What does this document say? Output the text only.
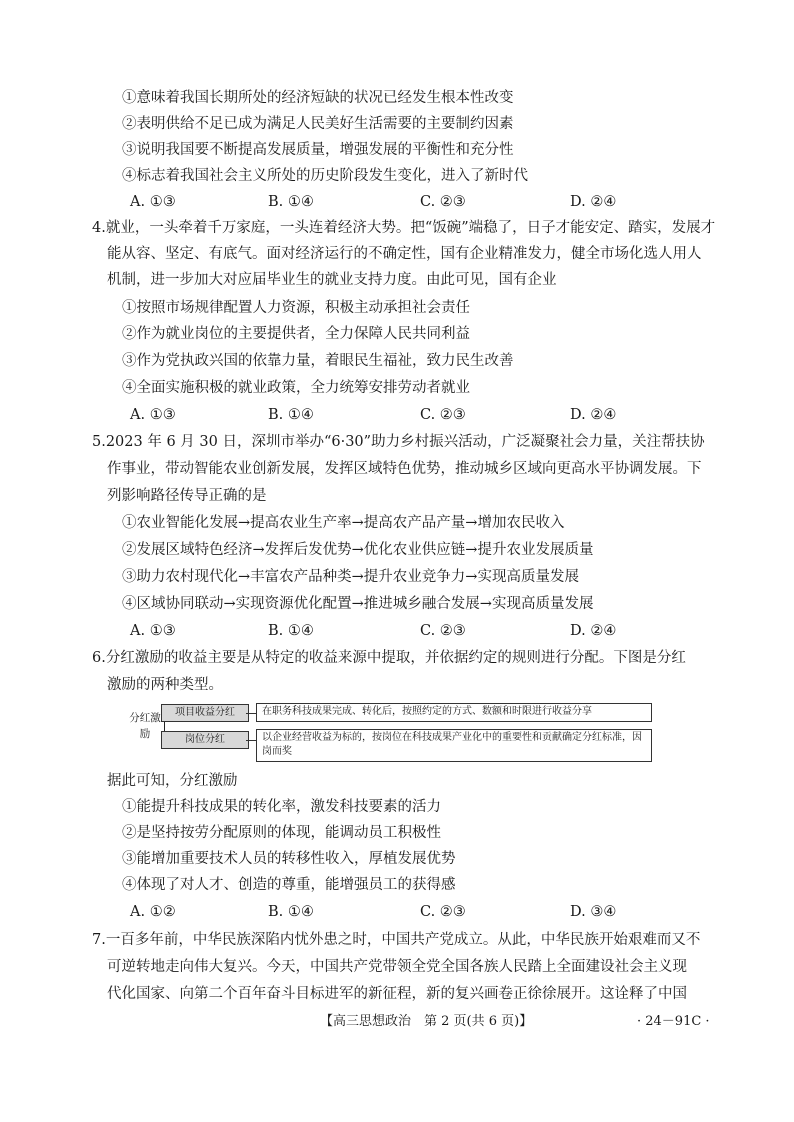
①意味着我国长期所处的经济短缺的状况已经发生根本性改变
②表明供给不足已成为满足人民美好生活需要的主要制约因素
③说明我国要不断提高发展质量，增强发展的平衡性和充分性
④标志着我国社会主义所处的历史阶段发生变化，进入了新时代
A. ①③	B. ①④	C. ②③	D. ②④
4.就业，一头牵着千万家庭，一头连着经济大势。把“饭碗”端稳了，日子才能安定、踏实，发展才
能从容、坚定、有底气。面对经济运行的不确定性，国有企业精准发力，健全市场化选人用人
机制，进一步加大对应届毕业生的就业支持力度。由此可见，国有企业
①按照市场规律配置人力资源，积极主动承担社会责任
②作为就业岗位的主要提供者，全力保障人民共同利益
③作为党执政兴国的依靠力量，着眼民生福祉，致力民生改善
④全面实施积极的就业政策，全力统筹安排劳动者就业
A. ①③	B. ①④	C. ②③	D. ②④
5.2023 年 6 月 30 日，深圳市举办“6·30”助力乡村振兴活动，广泛凝聚社会力量，关注帮扶协
作事业，带动智能农业创新发展，发挥区域特色优势，推动城乡区域向更高水平协调发展。下
列影响路径传导正确的是
①农业智能化发展→提高农业生产率→提高农产品产量→增加农民收入
②发展区域特色经济→发挥后发优势→优化农业供应链→提升农业发展质量
③助力农村现代化→丰富农产品种类→提升农业竞争力→实现高质量发展
④区域协同联动→实现资源优化配置→推进城乡融合发展→实现高质量发展
A. ①③	B. ①④	C. ②③	D. ②④
6.分红激励的收益主要是从特定的收益来源中提取，并依据约定的规则进行分配。下图是分红
激励的两种类型。
分红激励
项目收益分红	在职务科技成果完成、转化后，按照约定的方式、数额和时限进行收益分享
岗位分红	以企业经营收益为标的，按岗位在科技成果产业化中的重要性和贡献确定分红标准，因岗而奖
据此可知，分红激励
①能提升科技成果的转化率，激发科技要素的活力
②是坚持按劳分配原则的体现，能调动员工积极性
③能增加重要技术人员的转移性收入，厚植发展优势
④体现了对人才、创造的尊重，能增强员工的获得感
A. ①②	B. ①④	C. ②③	D. ③④
7.一百多年前，中华民族深陷内忧外患之时，中国共产党成立。从此，中华民族开始艰难而又不
可逆转地走向伟大复兴。今天，中国共产党带领全党全国各族人民踏上全面建设社会主义现
代化国家、向第二个百年奋斗目标进军的新征程，新的复兴画卷正徐徐展开。这诠释了中国
【高三思想政治　第 2 页(共 6 页)】	· 24－91C ·
